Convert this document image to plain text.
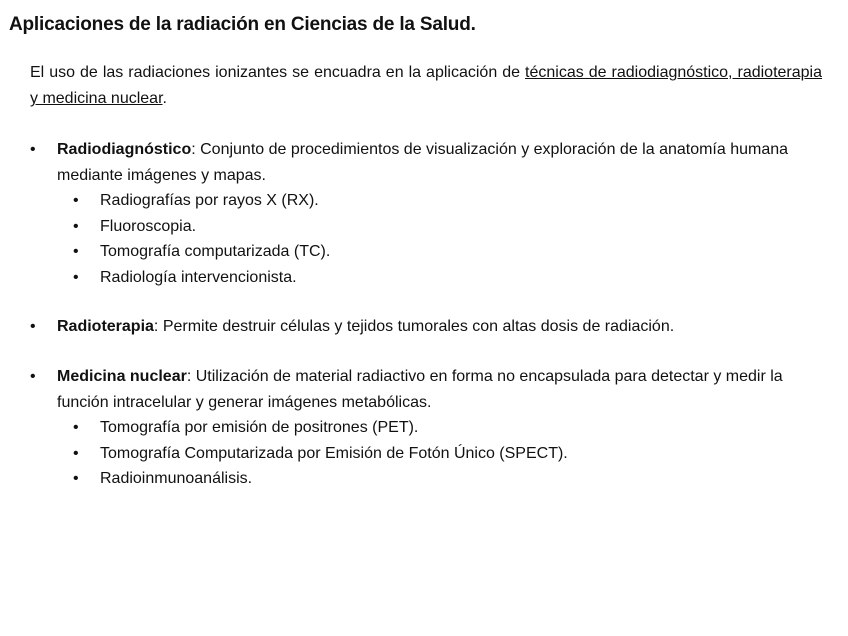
Aplicaciones de la radiación en Ciencias de la Salud.
El uso de las radiaciones ionizantes se encuadra en la aplicación de técnicas de radiodiagnóstico, radioterapia y medicina nuclear.
• Radiodiagnóstico: Conjunto de procedimientos de visualización y exploración de la anatomía humana mediante imágenes y mapas.
• Radiografías por rayos X (RX).
• Fluoroscopia.
• Tomografía computarizada (TC).
• Radiología intervencionista.
• Radioterapia: Permite destruir células y tejidos tumorales con altas dosis de radiación.
• Medicina nuclear: Utilización de material radiactivo en forma no encapsulada para detectar y medir la función intracelular y generar imágenes metabólicas.
• Tomografía por emisión de positrones (PET).
• Tomografía Computarizada por Emisión de Fotón Único (SPECT).
• Radioinmunoanálisis.
